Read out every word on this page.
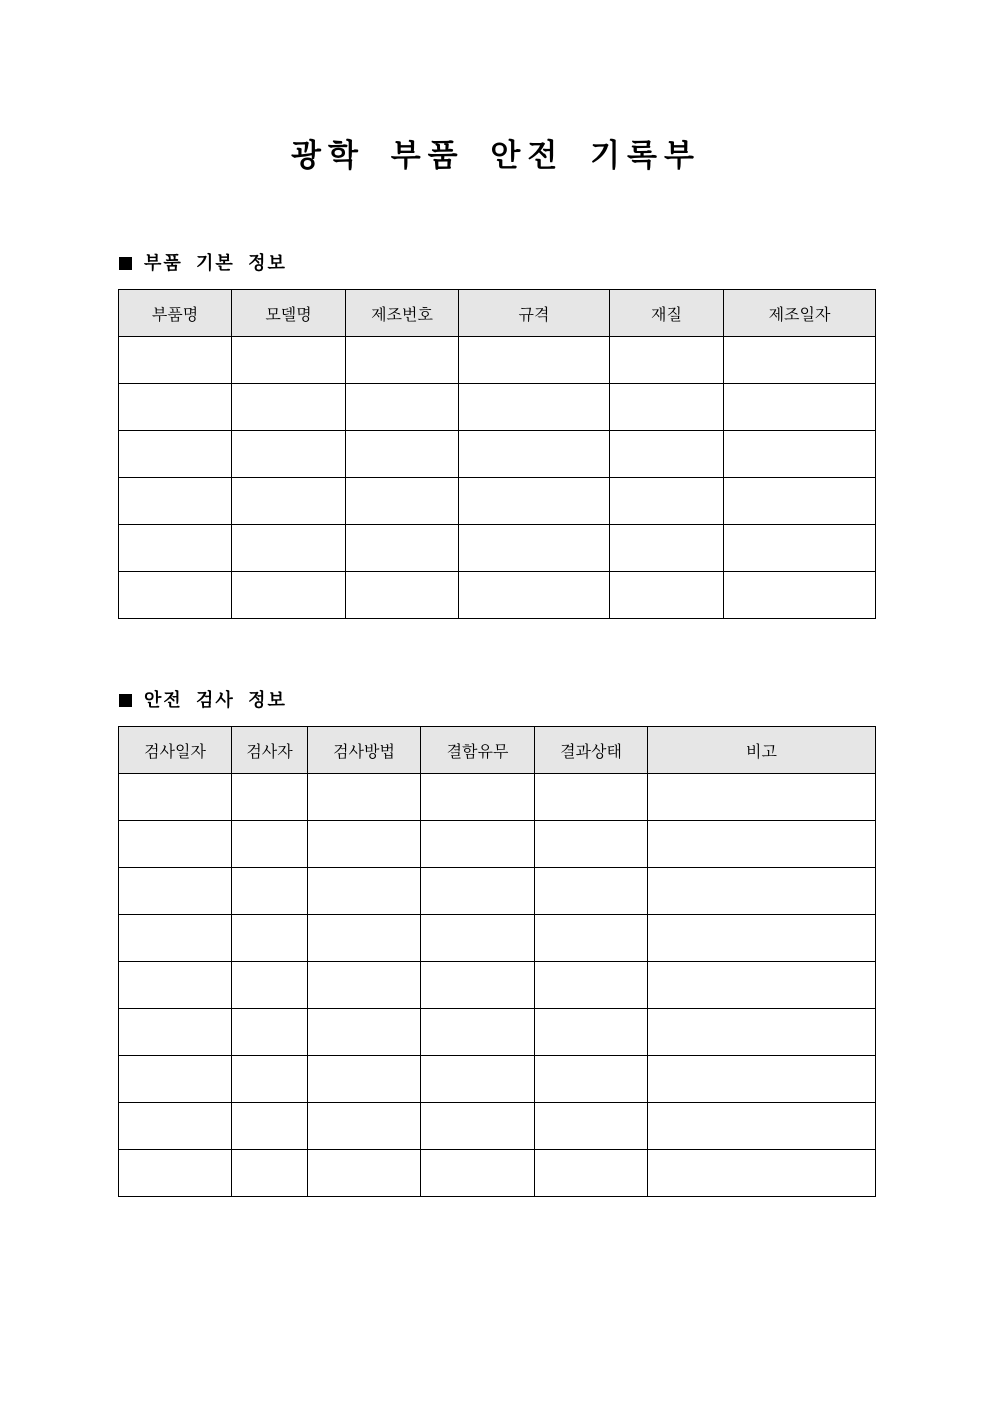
광학 부품 안전 기록부
부품 기본 정보
부품명	모델명	제조번호	규격	재질	제조일자

안전 검사 정보
검사일자	검사자	검사방법	결함유무	결과상태	비고
